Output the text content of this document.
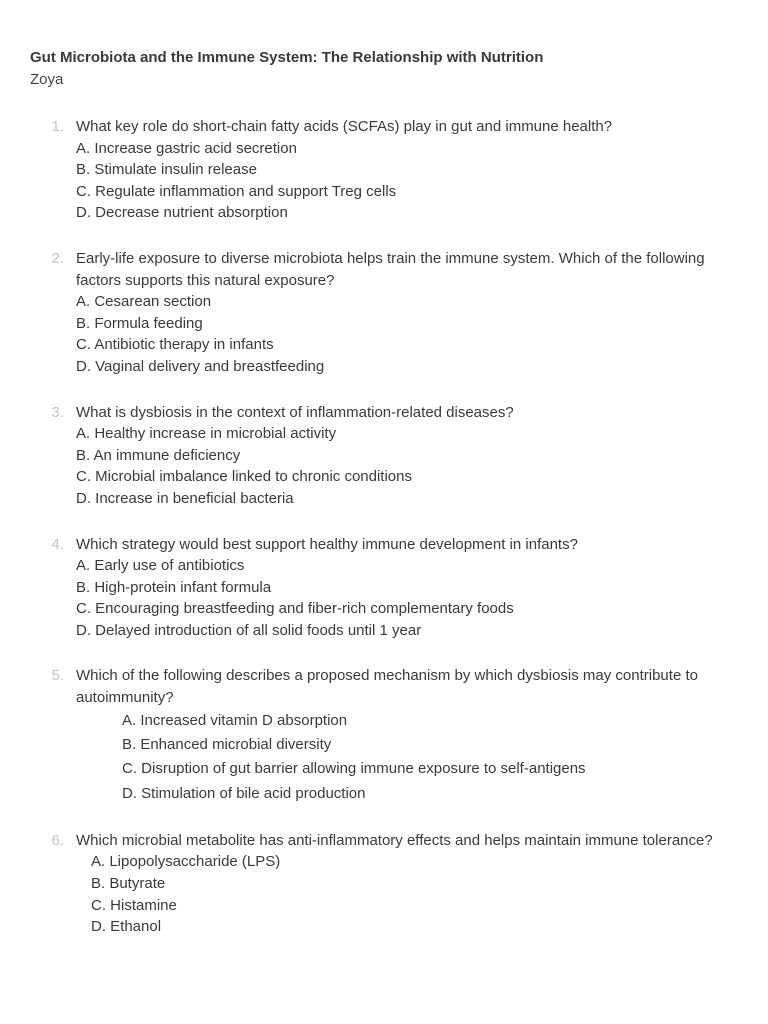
Gut Microbiota and the Immune System: The Relationship with Nutrition

Zoya

1. What key role do short-chain fatty acids (SCFAs) play in gut and immune health?

A. Increase gastric acid secretion
B. Stimulate insulin release
C. Regulate inflammation and support Treg cells
D. Decrease nutrient absorption
2. Early-life exposure to diverse microbiota helps train the immune system. Which of the following factors supports this natural exposure?

A. Cesarean section
B. Formula feeding
C. Antibiotic therapy in infants
D. Vaginal delivery and breastfeeding
3. What is dysbiosis in the context of inflammation-related diseases?

A. Healthy increase in microbial activity
B. An immune deficiency
C. Microbial imbalance linked to chronic conditions
D. Increase in beneficial bacteria
4. Which strategy would best support healthy immune development in infants?

A. Early use of antibiotics
B. High-protein infant formula
C. Encouraging breastfeeding and fiber-rich complementary foods
D. Delayed introduction of all solid foods until 1 year
5. Which of the following describes a proposed mechanism by which dysbiosis may contribute to autoimmunity?

A. Increased vitamin D absorption
B. Enhanced microbial diversity
C. Disruption of gut barrier allowing immune exposure to self-antigens
D. Stimulation of bile acid production
6. Which microbial metabolite has anti-inflammatory effects and helps maintain immune tolerance?

A. Lipopolysaccharide (LPS)
B. Butyrate
C. Histamine
D. Ethanol
